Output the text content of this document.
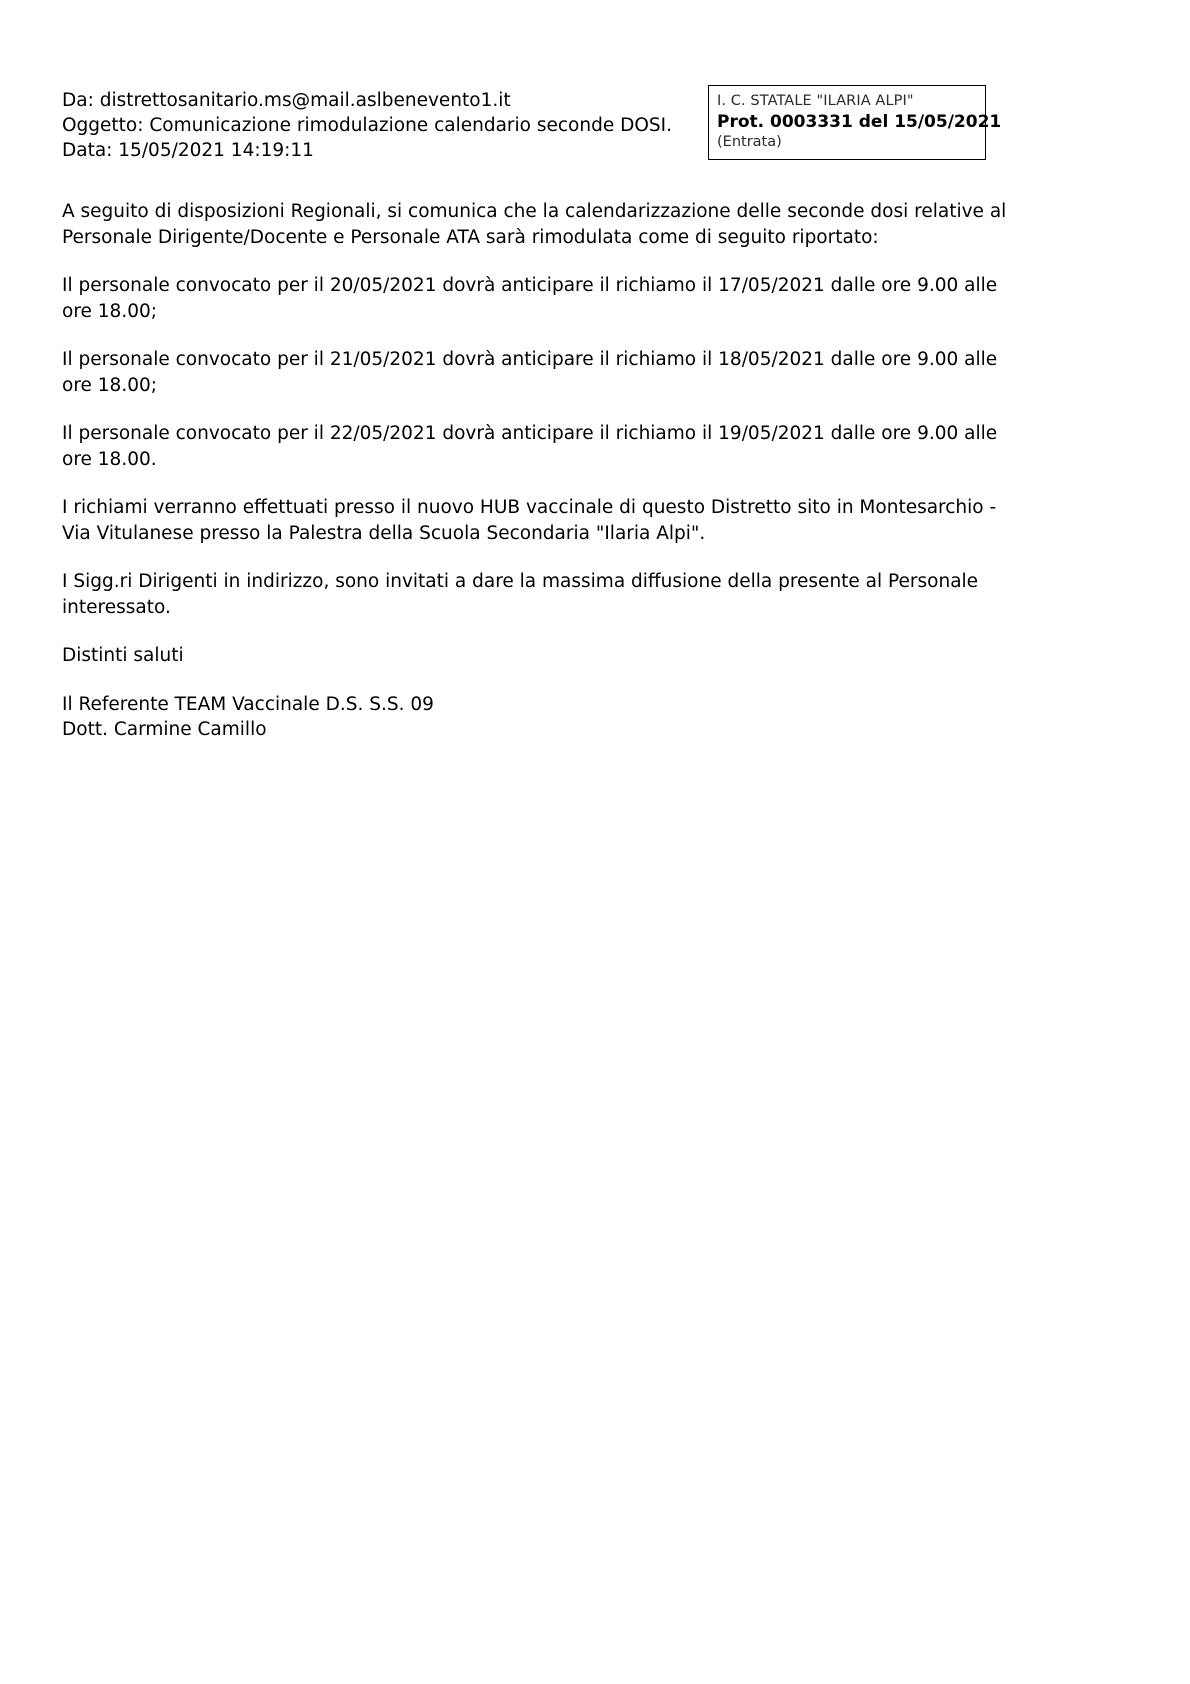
Da: distrettosanitario.ms@mail.aslbenevento1.it
Oggetto: Comunicazione rimodulazione calendario seconde DOSI.
Data: 15/05/2021 14:19:11
I. C. STATALE "ILARIA ALPI"
Prot. 0003331 del 15/05/2021
(Entrata)

A seguito di disposizioni Regionali, si comunica che la calendarizzazione delle seconde dosi relative al Personale Dirigente/Docente e Personale ATA sarà rimodulata come di seguito riportato:

Il personale convocato per il 20/05/2021 dovrà anticipare il richiamo il 17/05/2021 dalle ore 9.00 alle ore 18.00;

Il personale convocato per il 21/05/2021 dovrà anticipare il richiamo il 18/05/2021 dalle ore 9.00 alle ore 18.00;

Il personale convocato per il 22/05/2021 dovrà anticipare il richiamo il 19/05/2021 dalle ore 9.00 alle ore 18.00.

I richiami verranno effettuati presso il nuovo HUB vaccinale di questo Distretto sito in Montesarchio - Via Vitulanese presso la Palestra della Scuola Secondaria "Ilaria Alpi".

I Sigg.ri Dirigenti in indirizzo, sono invitati a dare la massima diffusione della presente al Personale interessato.

Distinti saluti

Il Referente TEAM Vaccinale D.S. S.S. 09

Dott. Carmine Camillo
